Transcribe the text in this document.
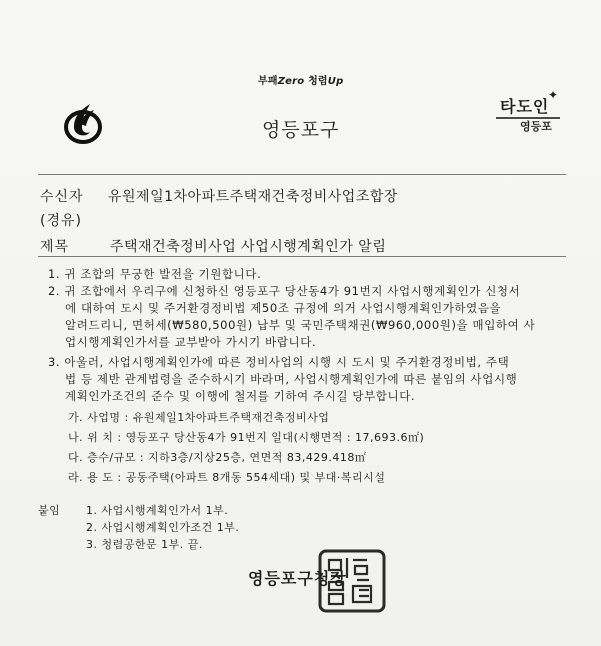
부패Zero 청렴Up
영등포구
✦
타도인
영등포
수신자 유원제일1차아파트주택재건축정비사업조합장
(경유)
제목	주택재건축정비사업 사업시행계획인가 알림
1. 귀 조합의 무궁한 발전을 기원합니다.
2. 귀 조합에서 우리구에 신청하신 영등포구 당산동4가 91번지 사업시행계획인가 신청서
에 대하여 도시 및 주거환경정비법 제50조 규정에 의거 사업시행계획인가하였음을
알려드리니, 면허세(₩580,500원) 납부 및 국민주택채권(₩960,000원)을 매입하여 사
업시행계획인가서를 교부받아 가시기 바랍니다.
3. 아울러, 사업시행계획인가에 따른 정비사업의 시행 시 도시 및 주거환경정비법, 주택
법 등 제반 관계법령을 준수하시기 바라며, 사업시행계획인가에 따른 붙임의 사업시행
계획인가조건의 준수 및 이행에 철저를 기하여 주시길 당부합니다.
가. 사업명 : 유원제일1차아파트주택재건축정비사업
나. 위 치 : 영등포구 당산동4가 91번지 일대(시행면적 : 17,693.6㎡)
다. 층수/규모 : 지하3층/지상25층, 연면적 83,429.418㎡
라. 용 도 : 공동주택(아파트 8개동 554세대) 및 부대·복리시설
붙임 1. 사업시행계획인가서 1부.
2. 사업시행계획인가조건 1부.
3. 청렴공한문 1부. 끝.
영등포구청장
